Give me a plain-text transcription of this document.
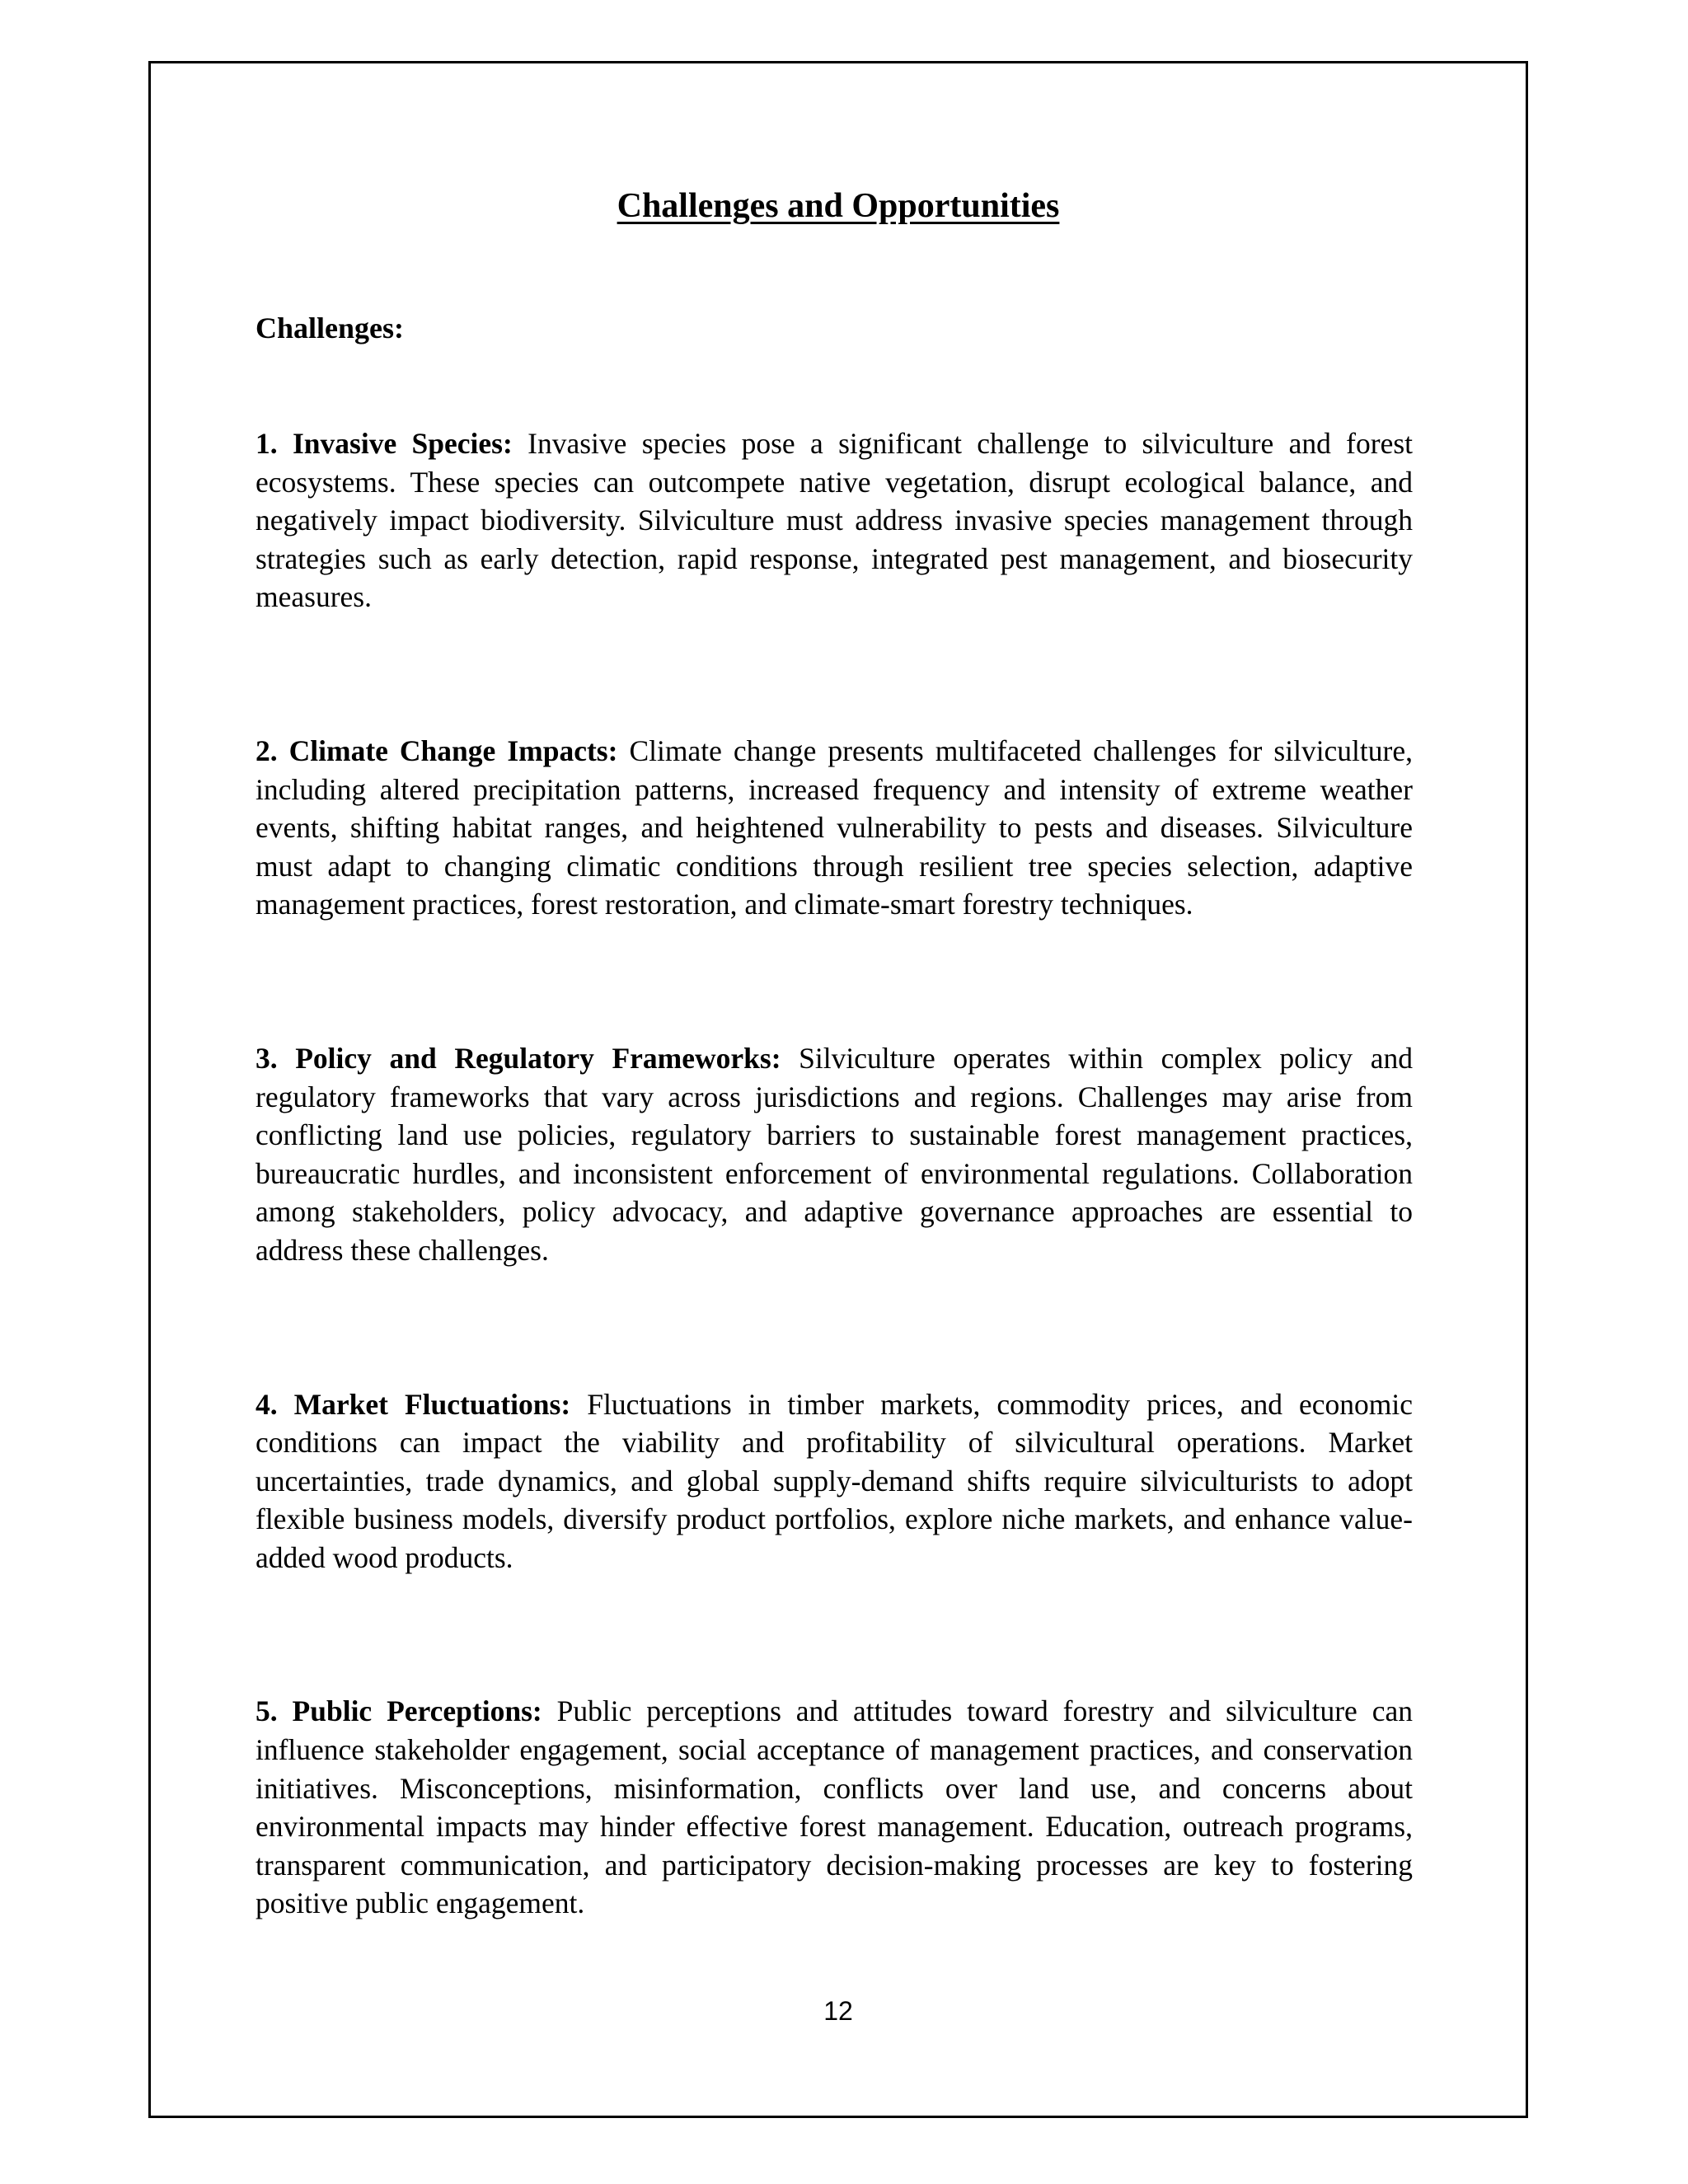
Challenges and Opportunities
Challenges:

1. Invasive Species: Invasive species pose a significant challenge to silviculture and forest ecosystems. These species can outcompete native vegetation, disrupt ecological balance, and negatively impact biodiversity. Silviculture must address invasive species management through strategies such as early detection, rapid response, integrated pest management, and biosecurity measures.

2. Climate Change Impacts: Climate change presents multifaceted challenges for silviculture, including altered precipitation patterns, increased frequency and intensity of extreme weather events, shifting habitat ranges, and heightened vulnerability to pests and diseases. Silviculture must adapt to changing climatic conditions through resilient tree species selection, adaptive management practices, forest restoration, and climate-smart forestry techniques.

3. Policy and Regulatory Frameworks: Silviculture operates within complex policy and regulatory frameworks that vary across jurisdictions and regions. Challenges may arise from conflicting land use policies, regulatory barriers to sustainable forest management practices, bureaucratic hurdles, and inconsistent enforcement of environmental regulations. Collaboration among stakeholders, policy advocacy, and adaptive governance approaches are essential to address these challenges.

4. Market Fluctuations: Fluctuations in timber markets, commodity prices, and economic conditions can impact the viability and profitability of silvicultural operations. Market uncertainties, trade dynamics, and global supply-demand shifts require silviculturists to adopt flexible business models, diversify product portfolios, explore niche markets, and enhance value-added wood products.

5. Public Perceptions: Public perceptions and attitudes toward forestry and silviculture can influence stakeholder engagement, social acceptance of management practices, and conservation initiatives. Misconceptions, misinformation, conflicts over land use, and concerns about environmental impacts may hinder effective forest management. Education, outreach programs, transparent communication, and participatory decision-making processes are key to fostering positive public engagement.

12
